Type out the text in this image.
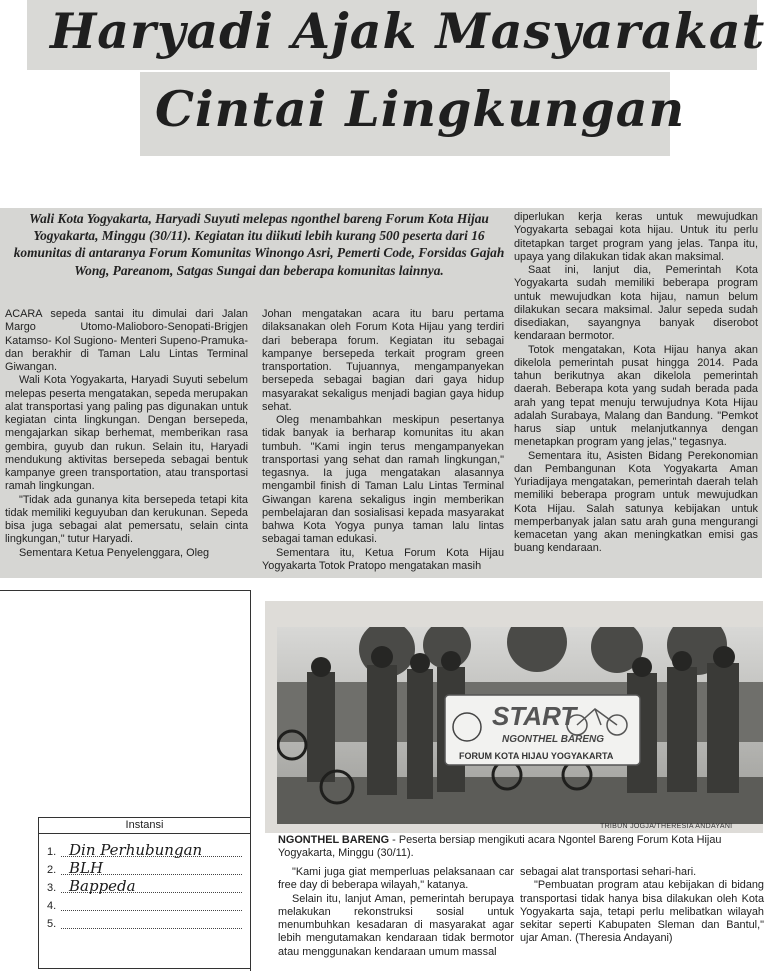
Haryadi Ajak Masyarakat
Cintai Lingkungan
Wali Kota Yogyakarta, Haryadi Suyuti melepas ngonthel bareng Forum Kota Hijau Yogyakarta, Minggu (30/11). Kegiatan itu diikuti lebih kurang 500 peserta dari 16 komunitas di antaranya Forum Komunitas Winongo Asri, Pemerti Code, Forsidas Gajah Wong, Pareanom, Satgas Sungai dan beberapa komunitas lainnya.

ACARA sepeda santai itu dimulai dari Jalan Margo Utomo-Malioboro-Senopati-Brigjen Katamso- Kol Sugiono- Menteri Supeno-Pramuka- dan berakhir di Taman Lalu Lintas Terminal Giwangan.

Wali Kota Yogyakarta, Haryadi Suyuti sebelum melepas peserta mengatakan, sepeda merupakan alat transportasi yang paling pas digunakan untuk kegiatan cinta lingkungan. Dengan bersepeda, mengajarkan sikap berhemat, memberikan rasa gembira, guyub dan rukun. Selain itu, Haryadi mendukung aktivitas bersepeda sebagai bentuk kampanye green transportation, atau transportasi ramah lingkungan.

"Tidak ada gunanya kita bersepeda tetapi kita tidak memiliki keguyuban dan kerukunan. Sepeda bisa juga sebagai alat pemersatu, selain cinta lingkungan," tutur Haryadi.

Sementara Ketua Penyelenggara, Oleg

Johan mengatakan acara itu baru pertama dilaksanakan oleh Forum Kota Hijau yang terdiri dari beberapa forum. Kegiatan itu sebagai kampanye bersepeda terkait program green transportation. Tujuannya, mengampanyekan bersepeda sebagai bagian dari gaya hidup masyarakat sekaligus menjadi bagian gaya hidup sehat.

Oleg menambahkan meskipun pesertanya tidak banyak ia berharap komunitas itu akan tumbuh. "Kami ingin terus mengampanyekan transportasi yang sehat dan ramah lingkungan," tegasnya. Ia juga mengatakan alasannya mengambil finish di Taman Lalu Lintas Terminal Giwangan karena sekaligus ingin memberikan pembelajaran dan sosialisasi kepada masyarakat bahwa Kota Yogya punya taman lalu lintas sebagai taman edukasi.

Sementara itu, Ketua Forum Kota Hijau Yogyakarta Totok Pratopo mengatakan masih

diperlukan kerja keras untuk mewujudkan Yogyakarta sebagai kota hijau. Untuk itu perlu ditetapkan target program yang jelas. Tanpa itu, upaya yang dilakukan tidak akan maksimal.

Saat ini, lanjut dia, Pemerintah Kota Yogyakarta sudah memiliki beberapa program untuk mewujudkan kota hijau, namun belum dilakukan secara maksimal. Jalur sepeda sudah disediakan, sayangnya banyak diserobot kendaraan bermotor.

Totok mengatakan, Kota Hijau hanya akan dikelola pemerintah pusat hingga 2014. Pada tahun berikutnya akan dikelola pemerintah daerah. Beberapa kota yang sudah berada pada arah yang tepat menuju terwujudnya Kota Hijau adalah Surabaya, Malang dan Bandung. "Pemkot harus siap untuk melanjutkannya dengan menetapkan program yang jelas," tegasnya.

Sementara itu, Asisten Bidang Perekonomian dan Pembangunan Kota Yogyakarta Aman Yuriadijaya mengatakan, pemerintah daerah telah memiliki beberapa program untuk mewujudkan Kota Hijau. Salah satunya kebijakan untuk memperbanyak jalan satu arah guna mengurangi kemacetan yang akan meningkatkan emisi gas buang kendaraan.

START
NGONTHEL BARENG
FORUM KOTA HIJAU YOGYAKARTA
TRIBUN JOGJA/THERESIA ANDAYANI
NGONTHEL BARENG - Peserta bersiap mengikuti acara Ngontel Bareng Forum Kota Hijau Yogyakarta, Minggu (30/11).

"Kami juga giat memperluas pelaksanaan car free day di beberapa wilayah," katanya.

Selain itu, lanjut Aman, pemerintah berupaya melakukan rekonstruksi sosial untuk menumbuhkan kesadaran di masyarakat agar lebih mengutamakan kendaraan tidak bermotor atau menggunakan kendaraan umum massal

sebagai alat transportasi sehari-hari.

"Pembuatan program atau kebijakan di bidang transportasi tidak hanya bisa dilakukan oleh Kota Yogyakarta saja, tetapi perlu melibatkan wilayah sekitar seperti Kabupaten Sleman dan Bantul," ujar Aman. (Theresia Andayani)

Instansi
1. Din Perhubungan
2. BLH
3. Bappeda
4.
5.
